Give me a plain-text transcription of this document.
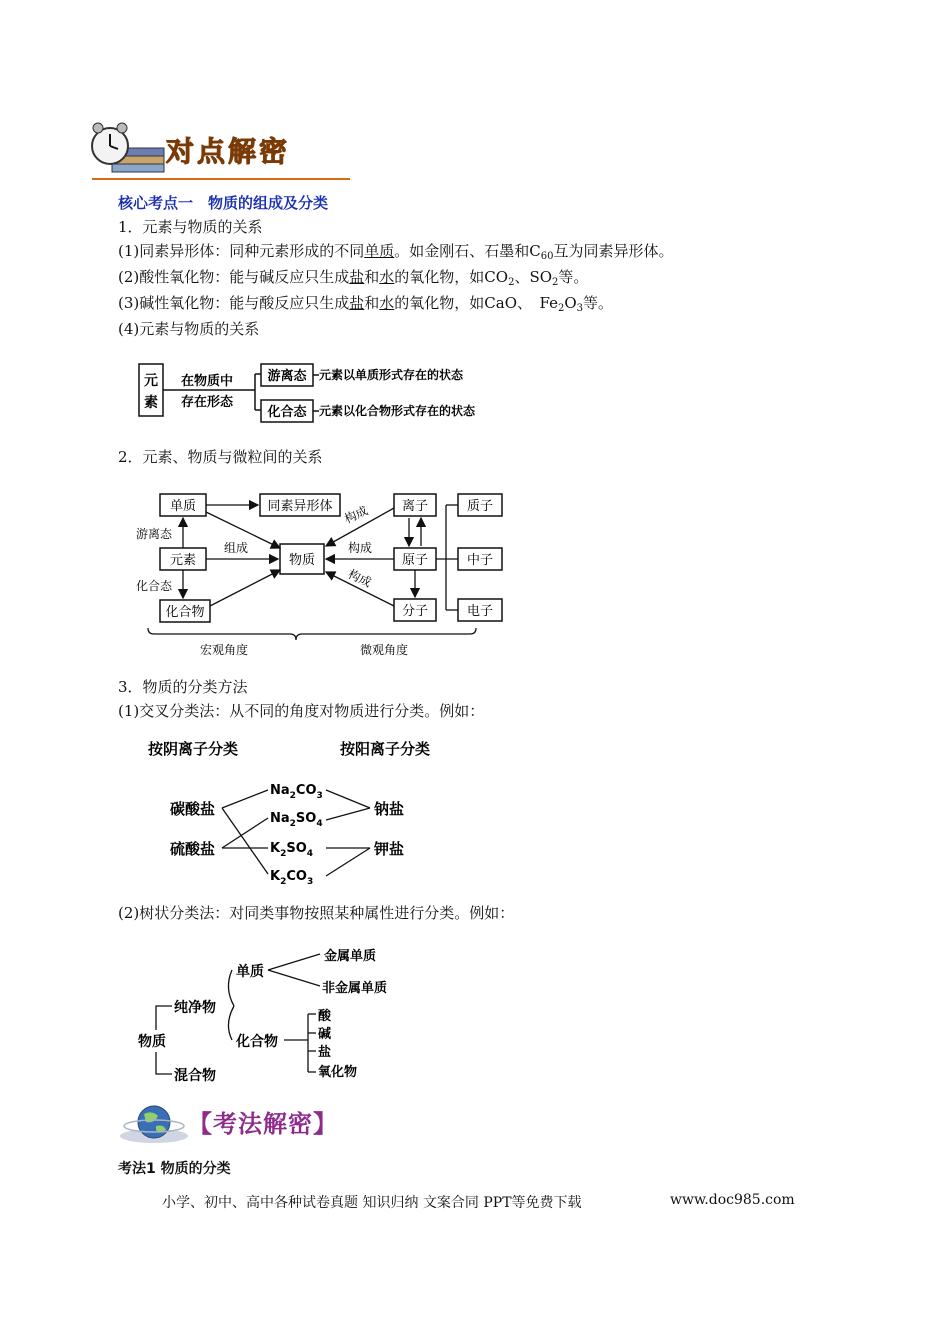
对点解密
核心考点一　物质的组成及分类
1．元素与物质的关系
(1)同素异形体：同种元素形成的不同单质。如金刚石、石墨和$C_{60}$互为同素异形体。
(2)酸性氧化物：能与碱反应只生成盐和水的氧化物，如$CO_2$、$SO_2$等。
(3)碱性氧化物：能与酸反应只生成盐和水的氧化物，如CaO、　$Fe_2O_3$等。
(4)元素与物质的关系
元
素
在物质中
存在形态
游离态
化合态
元素以单质形式存在的状态
元素以化合物形式存在的状态
2．元素、物质与微粒间的关系
单质	同素异形体
元素	物质
化合物
离子
原子
分子
质子
中子
电子
游离态
化合态
组成
构成
构成
构成
宏观角度	微观角度
3．物质的分类方法
(1)交叉分类法：从不同的角度对物质进行分类。例如：
按阴离子分类	按阳离子分类
碳酸盐
硫酸盐
$Na_2CO_3$
$Na_2SO_4$
$K_2SO_4$
$K_2CO_3$
钠盐
钾盐
(2)树状分类法：对同类事物按照某种属性进行分类。例如：
物质
纯净物
混合物
单质
化合物
金属单质
非金属单质
酸
碱
盐
氧化物
【考法解密】
考法1 物质的分类
小学、初中、高中各种试卷真题 知识归纳 文案合同 PPT等免费下载	www.doc985.com
